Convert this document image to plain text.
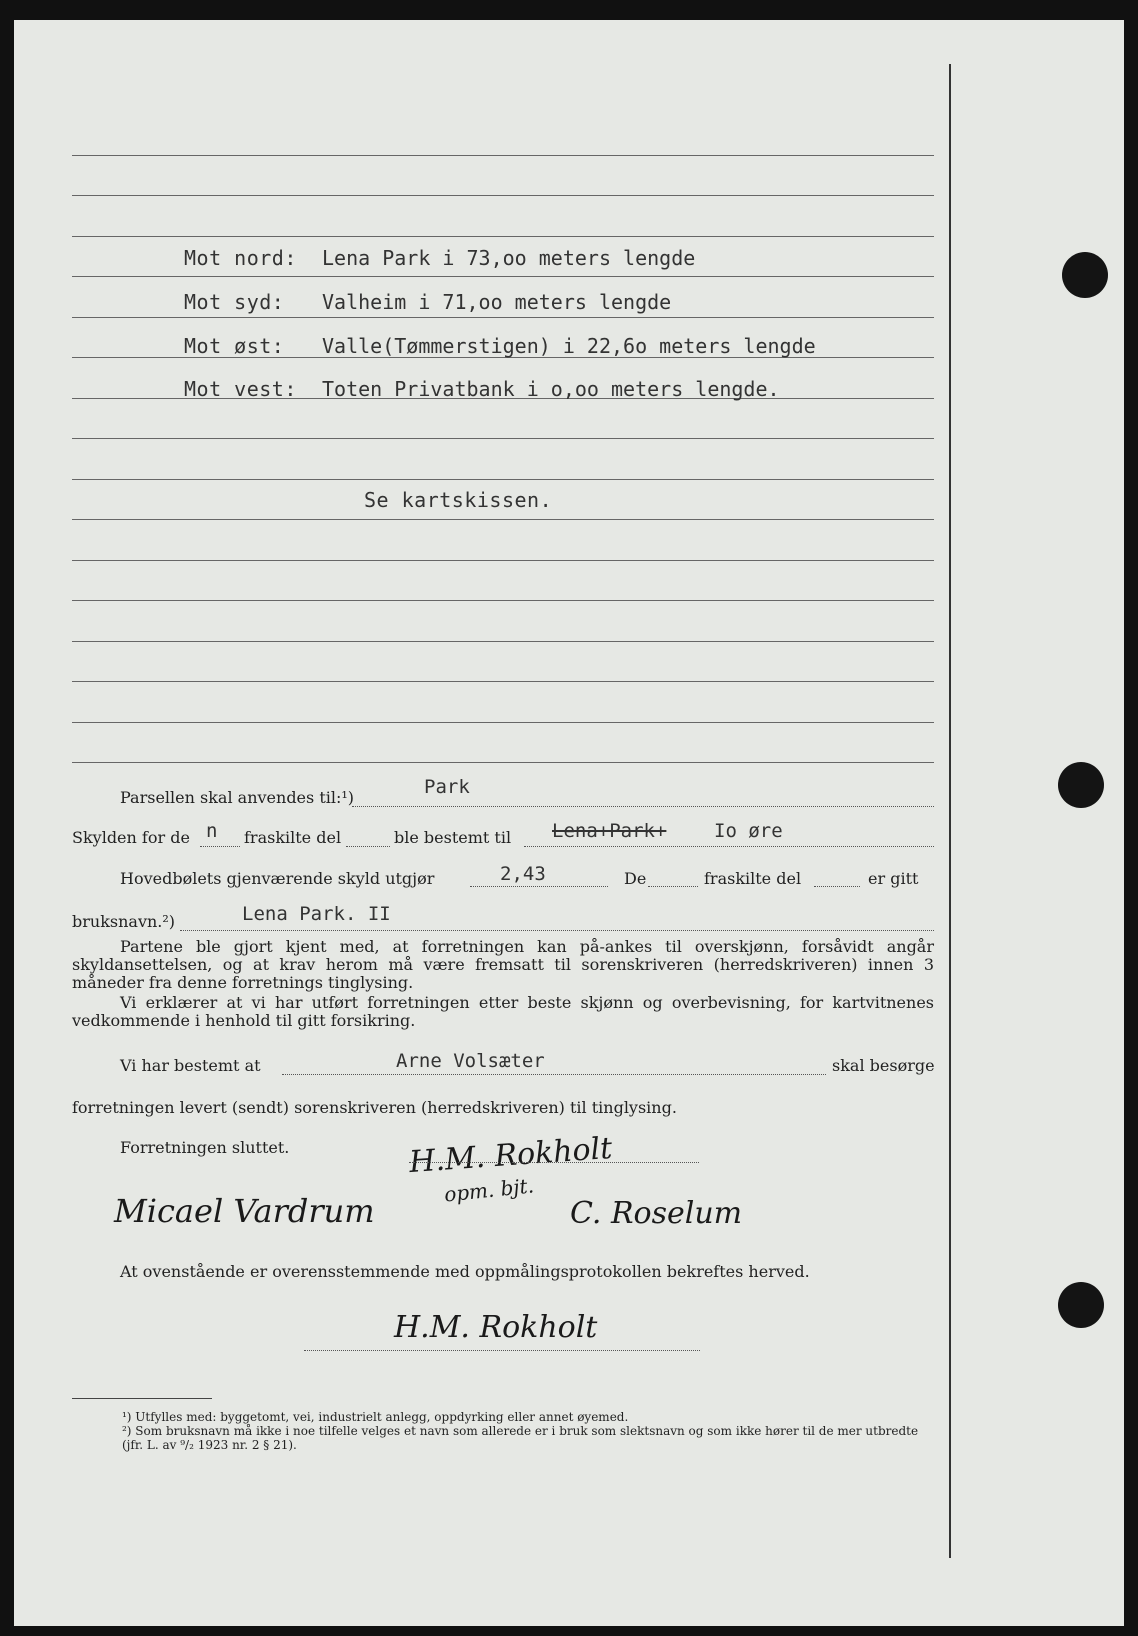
Mot nord: Lena Park i 73,oo meters lengde
Mot syd: Valheim i 71,oo meters lengde
Mot øst: Valle(Tømmerstigen) i 22,6o meters lengde
Mot vest: Toten Privatbank i o,oo meters lengde.
Se kartskissen.
Parsellen skal anvendes til:¹)	Park
Skylden for de n fraskilte del	ble bestemt til Lena+Park+	Io øre
Hovedbølets gjenværende skyld utgjør	2,43	De	fraskilte del	er gitt
bruksnavn.²)	Lena Park. II

Partene ble gjort kjent med, at forretningen kan på-ankes til overskjønn, forsåvidt angår skyldansettelsen, og at krav herom må være fremsatt til sorenskriveren (herredskriveren) innen 3 måneder fra denne forretnings tinglysing.

Vi erklærer at vi har utført forretningen etter beste skjønn og overbevisning, for kartvitnenes vedkommende i henhold til gitt forsikring.

Vi har bestemt at	Arne Volsæter	skal besørge
forretningen levert (sendt) sorenskriveren (herredskriveren) til tinglysing.
Forretningen sluttet.	H.M. Rokholt
opm. bjt.
Micael Vardrum	C. Roselum
At ovenstående er overensstemmende med oppmålingsprotokollen bekreftes herved.
H.M. Rokholt

¹) Utfylles med: byggetomt, vei, industrielt anlegg, oppdyrking eller annet øyemed.

²) Som bruksnavn må ikke i noe tilfelle velges et navn som allerede er i bruk som slektsnavn og som ikke hører til de mer utbredte (jfr. L. av ⁹/₂ 1923 nr. 2 § 21).
